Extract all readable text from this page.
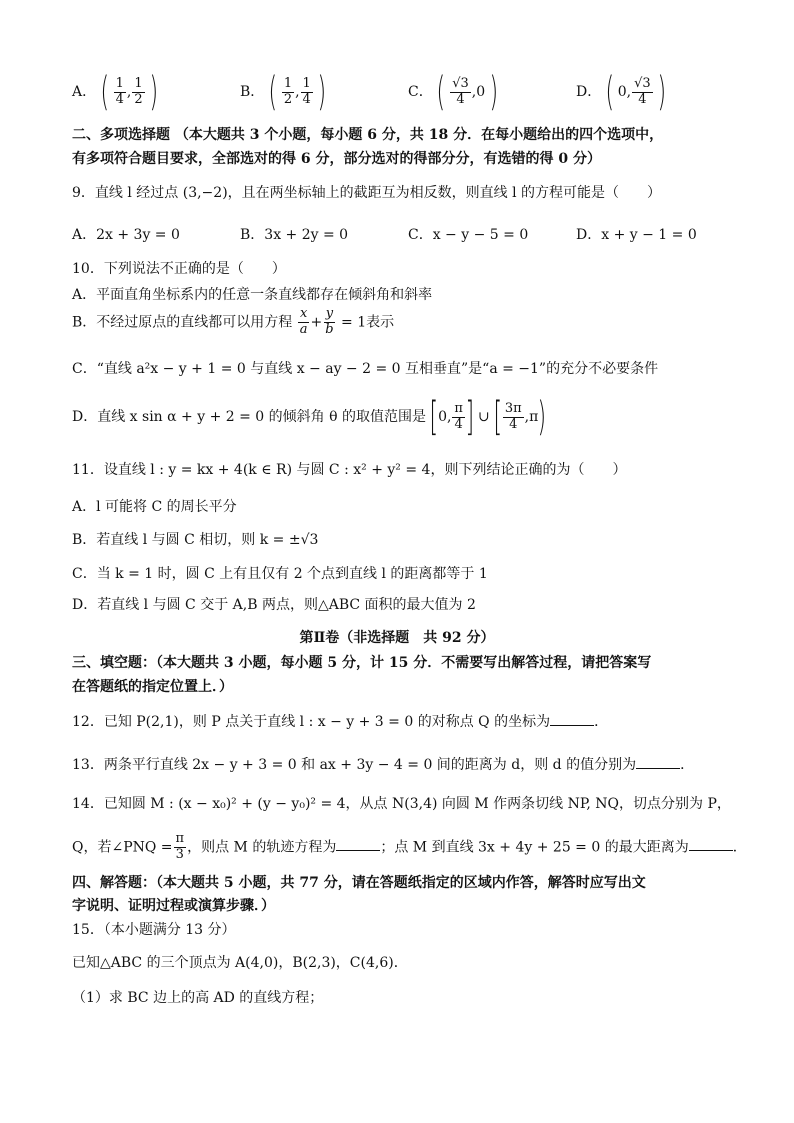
A． ( $\frac{1}{4}$ , $\frac{1}{2}$ )	B． ( $\frac{1}{2}$ , $\frac{1}{4}$ )	C． ( $\frac{√3}{4} ,0$ )	D． ( 0, $\frac{√3}{4}$ )
二、多项选择题 （本大题共 3 个小题，每小题 6 分，共 18 分．在每小题给出的四个选项中，
有多项符合题目要求，全部选对的得 6 分，部分选对的得部分分，有选错的得 0 分）
9．直线 l 经过点 (3,−2)，且在两坐标轴上的截距互为相反数，则直线 l 的方程可能是（　　）
A．2x + 3y = 0	B．3x + 2y = 0	C．x − y − 5 = 0	D．x + y − 1 = 0
10．下列说法不正确的是（　　）
A．平面直角坐标系内的任意一条直线都存在倾斜角和斜率
B．不经过原点的直线都可以用方程 $\frac{x}{a} + \frac{y}{b} = 1$表示
C．“直线 a²x − y + 1 = 0 与直线 x − ay − 2 = 0 互相垂直”是“a = −1”的充分不必要条件
D．直线 x sin α + y + 2 = 0 的倾斜角 θ 的取值范围是 [0, $\frac{\pi}{4}$ ] ∪ [ $\frac{3\pi}{4} ,\pi$)
11．设直线 l : y = kx + 4(k ∈ R) 与圆 C : x² + y² = 4，则下列结论正确的为（　　）
A．l 可能将 C 的周长平分
B．若直线 l 与圆 C 相切，则 k = ±√3
C．当 k = 1 时，圆 C 上有且仅有 2 个点到直线 l 的距离都等于 1
D．若直线 l 与圆 C 交于 A,B 两点，则△ABC 面积的最大值为 2
第Ⅱ卷（非选择题　共 92 分）
三、填空题：（本大题共 3 小题，每小题 5 分，计 15 分．不需要写出解答过程，请把答案写
在答题纸的指定位置上．）
12．已知 P(2,1)，则 P 点关于直线 l : x − y + 3 = 0 的对称点 Q 的坐标为	．
13．两条平行直线 2x − y + 3 = 0 和 ax + 3y − 4 = 0 间的距离为 d，则 d 的值分别为	．
14．已知圆 M : (x − x₀)² + (y − y₀)² = 4，从点 N(3,4) 向圆 M 作两条切线 NP, NQ，切点分别为 P，
Q，若∠PNQ = $\frac{\pi}{3}$ ，则点 M 的轨迹方程为	；点 M 到直线 3x + 4y + 25 = 0 的最大距离为	．
四、解答题：（本大题共 5 小题，共 77 分，请在答题纸指定的区域内作答，解答时应写出文
字说明、证明过程或演算步骤．）
15．（本小题满分 13 分）
已知△ABC 的三个顶点为 A(4,0)，B(2,3)，C(4,6)．
（1）求 BC 边上的高 AD 的直线方程；
